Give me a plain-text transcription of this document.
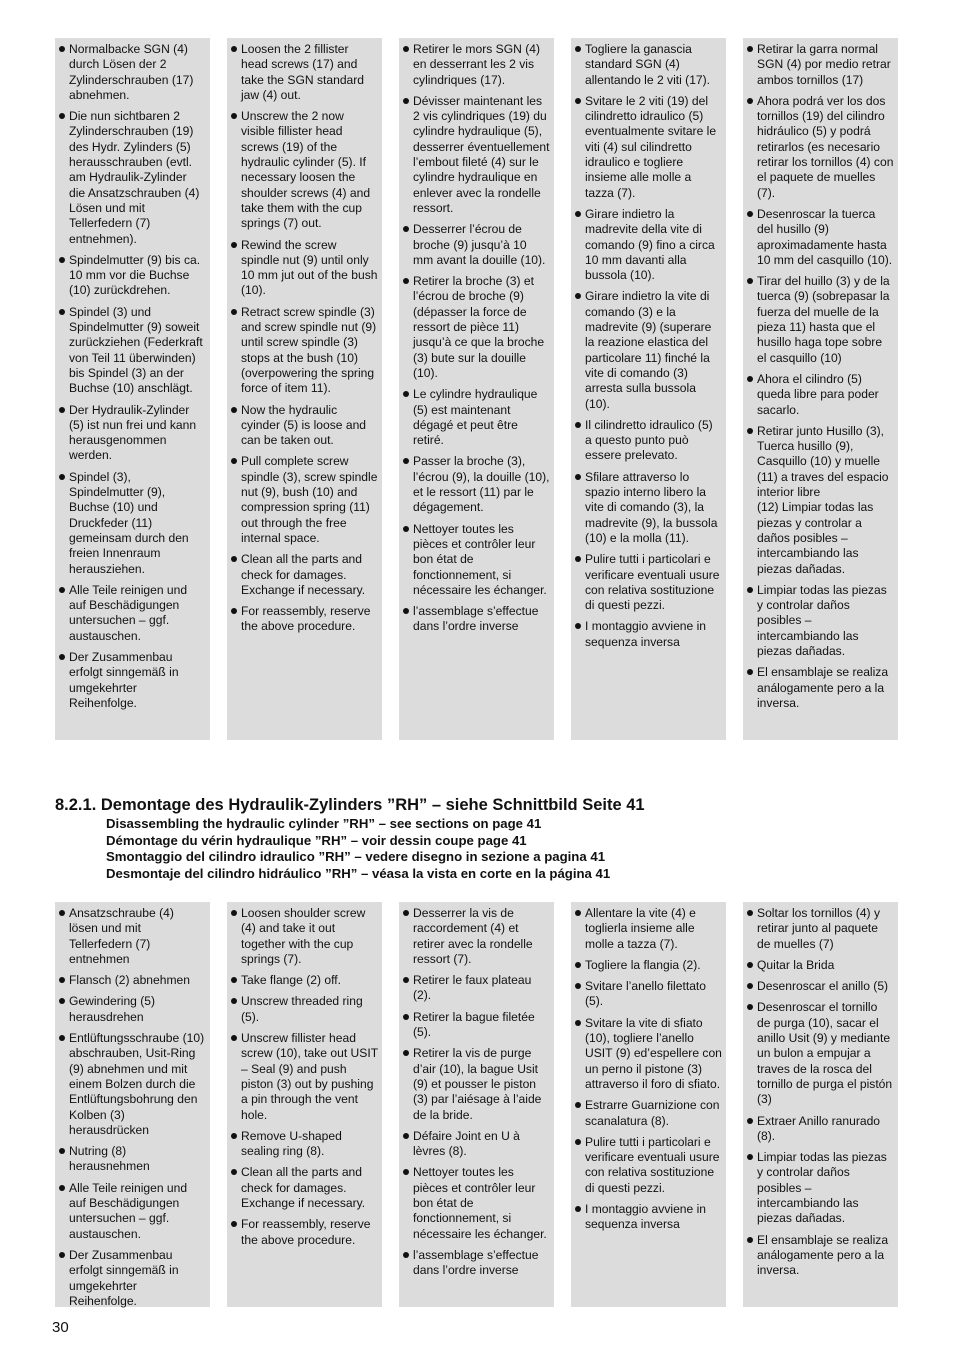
Normalbacke SGN (4) durch Lösen der 2 Zylinderschrauben (17) abnehmen.
Die nun sichtbaren 2 Zylinderschrauben (19) des Hydr. Zylinders (5) herausschrauben (evtl. am Hydraulik-Zylinder die Ansatzschrauben (4) Lösen und mit Tellerfedern (7) entnehmen).
Spindelmutter (9) bis ca. 10 mm vor die Buchse (10) zurückdrehen.
Spindel (3) und Spindelmutter (9) soweit zurückziehen (Federkraft von Teil 11 überwinden) bis Spindel (3) an der Buchse (10) anschlägt.
Der Hydraulik-Zylinder (5) ist nun frei und kann herausgenommen werden.
Spindel (3), Spindelmutter (9), Buchse (10) und Druckfeder (11) gemeinsam durch den freien Innenraum herausziehen.
Alle Teile reinigen und auf Beschädigungen untersuchen – ggf. austauschen.
Der Zusammenbau erfolgt sinngemäß in umgekehrter Reihenfolge.
Loosen the 2 fillister head screws (17) and take the SGN standard jaw (4) out.
Unscrew the 2 now visible fillister head screws (19) of the hydraulic cylinder (5). If necessary loosen the shoulder screws (4) and take them with the cup springs (7) out.
Rewind the screw spindle nut (9) until only 10 mm jut out of the bush (10).
Retract screw spindle (3) and screw spindle nut (9) until screw spindle (3) stops at the bush (10) (overpowering the spring force of item 11).
Now the hydraulic cyinder (5) is loose and can be taken out.
Pull complete screw spindle (3), screw spindle nut (9), bush (10) and compression spring (11) out through the free internal space.
Clean all the parts and check for damages. Exchange if necessary.
For reassembly, reserve the above procedure.
Retirer le mors SGN (4) en desserrant les 2 vis cylindriques (17).
Dévisser maintenant les 2 vis cylindriques (19) du cylindre hydraulique (5), desserrer éventuellement l’embout fileté (4) sur le cylindre hydraulique en enlever avec la rondelle ressort.
Desserrer l’écrou de broche (9) jusqu’à 10 mm avant la douille (10).
Retirer la broche (3) et l’écrou de broche (9) (dépasser la force de ressort de pièce 11) jusqu’à ce que la broche (3) bute sur la douille (10).
Le cylindre hydraulique (5) est maintenant dégagé et peut être retiré.
Passer la broche (3), l’écrou (9), la douille (10), et le ressort (11) par le dégagement.
Nettoyer toutes les pièces et contrôler leur bon état de fonctionnement, si nécessaire les échanger.
l’assemblage s’effectue dans l’ordre inverse
Togliere la ganascia standard SGN (4) allentando le 2 viti (17).
Svitare le 2 viti (19) del cilindretto idraulico (5) eventualmente svitare le viti (4) sul cilindretto idraulico e togliere insieme alle molle a tazza (7).
Girare indietro la madrevite della vite di comando (9) fino a circa 10 mm davanti alla bussola (10).
Girare indietro la vite di comando (3) e la madrevite (9) (superare la reazione elastica del particolare 11) finché la vite di comando (3) arresta sulla bussola (10).
Il cilindretto idraulico (5) a questo punto può essere prelevato.
Sfilare attraverso lo spazio interno libero la vite di comando (3), la madrevite (9), la bussola (10) e la molla (11).
Pulire tutti i particolari e verificare eventuali usure con relativa sostituzione di questi pezzi.
I montaggio avviene in sequenza inversa
Retirar la garra normal SGN (4) por medio retrar ambos tornillos (17)
Ahora podrá ver los dos tornillos (19) del cilindro hidráulico (5) y podrá retirarlos (es necesario retirar los tornillos (4) con el paquete de muelles (7).
Desenroscar la tuerca del husillo (9) aproximadamente hasta 10 mm del casquillo (10).
Tirar del huillo (3) y de la tuerca (9) (sobrepasar la fuerza del muelle de la pieza 11) hasta que el husillo haga tope sobre el casquillo (10)
Ahora el cilindro (5) queda libre para poder sacarlo.
Retirar junto Husillo (3), Tuerca husillo (9), Casquillo (10) y muelle (11) a traves del espacio interior libre
(12) Limpiar todas las piezas y controlar a daños posibles – intercambiando las piezas dañadas.
Limpiar todas las piezas y controlar daños posibles – intercambiando las piezas dañadas.
El ensamblaje se realiza análogamente pero a la inversa.
8.2.1. Demontage des Hydraulik-Zylinders ”RH” – siehe Schnittbild Seite 41
Disassembling the hydraulic cylinder ”RH” – see sections on page 41
Démontage du vérin hydraulique ”RH” – voir dessin coupe page 41
Smontaggio del cilindro idraulico ”RH” – vedere disegno in sezione a pagina 41
Desmontaje del cilindro hidráulico ”RH” – véasa la vista en corte en la página 41
Ansatzschraube (4) lösen und mit Tellerfedern (7) entnehmen
Flansch (2) abnehmen
Gewindering (5) herausdrehen
Entlüftungsschraube (10) abschrauben, Usit-Ring (9) abnehmen und mit einem Bolzen durch die Entlüftungsbohrung den Kolben (3) herausdrücken
Nutring (8) herausnehmen
Alle Teile reinigen und auf Beschädigungen untersuchen – ggf. austauschen.
Der Zusammenbau erfolgt sinngemäß in umgekehrter Reihenfolge.
Loosen shoulder screw (4) and take it out together with the cup springs (7).
Take flange (2) off.
Unscrew threaded ring (5).
Unscrew fillister head screw (10), take out USIT – Seal (9) and push piston (3) out by pushing a pin through the vent hole.
Remove U-shaped sealing ring (8).
Clean all the parts and check for damages. Exchange if necessary.
For reassembly, reserve the above procedure.
Desserrer la vis de raccordement (4) et retirer avec la rondelle ressort (7).
Retirer le faux plateau (2).
Retirer la bague filetée (5).
Retirer la vis de purge d’air (10), la bague Usit (9) et pousser le piston (3) par l’aiésage à l’aide de la bride.
Défaire Joint en U à lèvres (8).
Nettoyer toutes les pièces et contrôler leur bon état de fonctionnement, si nécessaire les échanger.
l’assemblage s’effectue dans l’ordre inverse
Allentare la vite (4) e toglierla insieme alle molle a tazza (7).
Togliere la flangia (2).
Svitare l’anello filettato (5).
Svitare la vite di sfiato (10), togliere l’anello USIT (9) ed’espellere con un perno il pistone (3) attraverso il foro di sfiato.
Estrarre Guarnizione con scanalatura (8).
Pulire tutti i particolari e verificare eventuali usure con relativa sostituzione di questi pezzi.
I montaggio avviene in sequenza inversa
Soltar los tornillos (4) y retirar junto al paquete de muelles (7)
Quitar la Brida
Desenroscar el anillo (5)
Desenroscar el tornillo de purga (10), sacar el anillo Usit (9) y mediante un bulon a empujar a traves de la rosca del tornillo de purga el pistón (3)
Extraer Anillo ranurado (8).
Limpiar todas las piezas y controlar daños posibles – intercambiando las piezas dañadas.
El ensamblaje se realiza análogamente pero a la inversa.
30
